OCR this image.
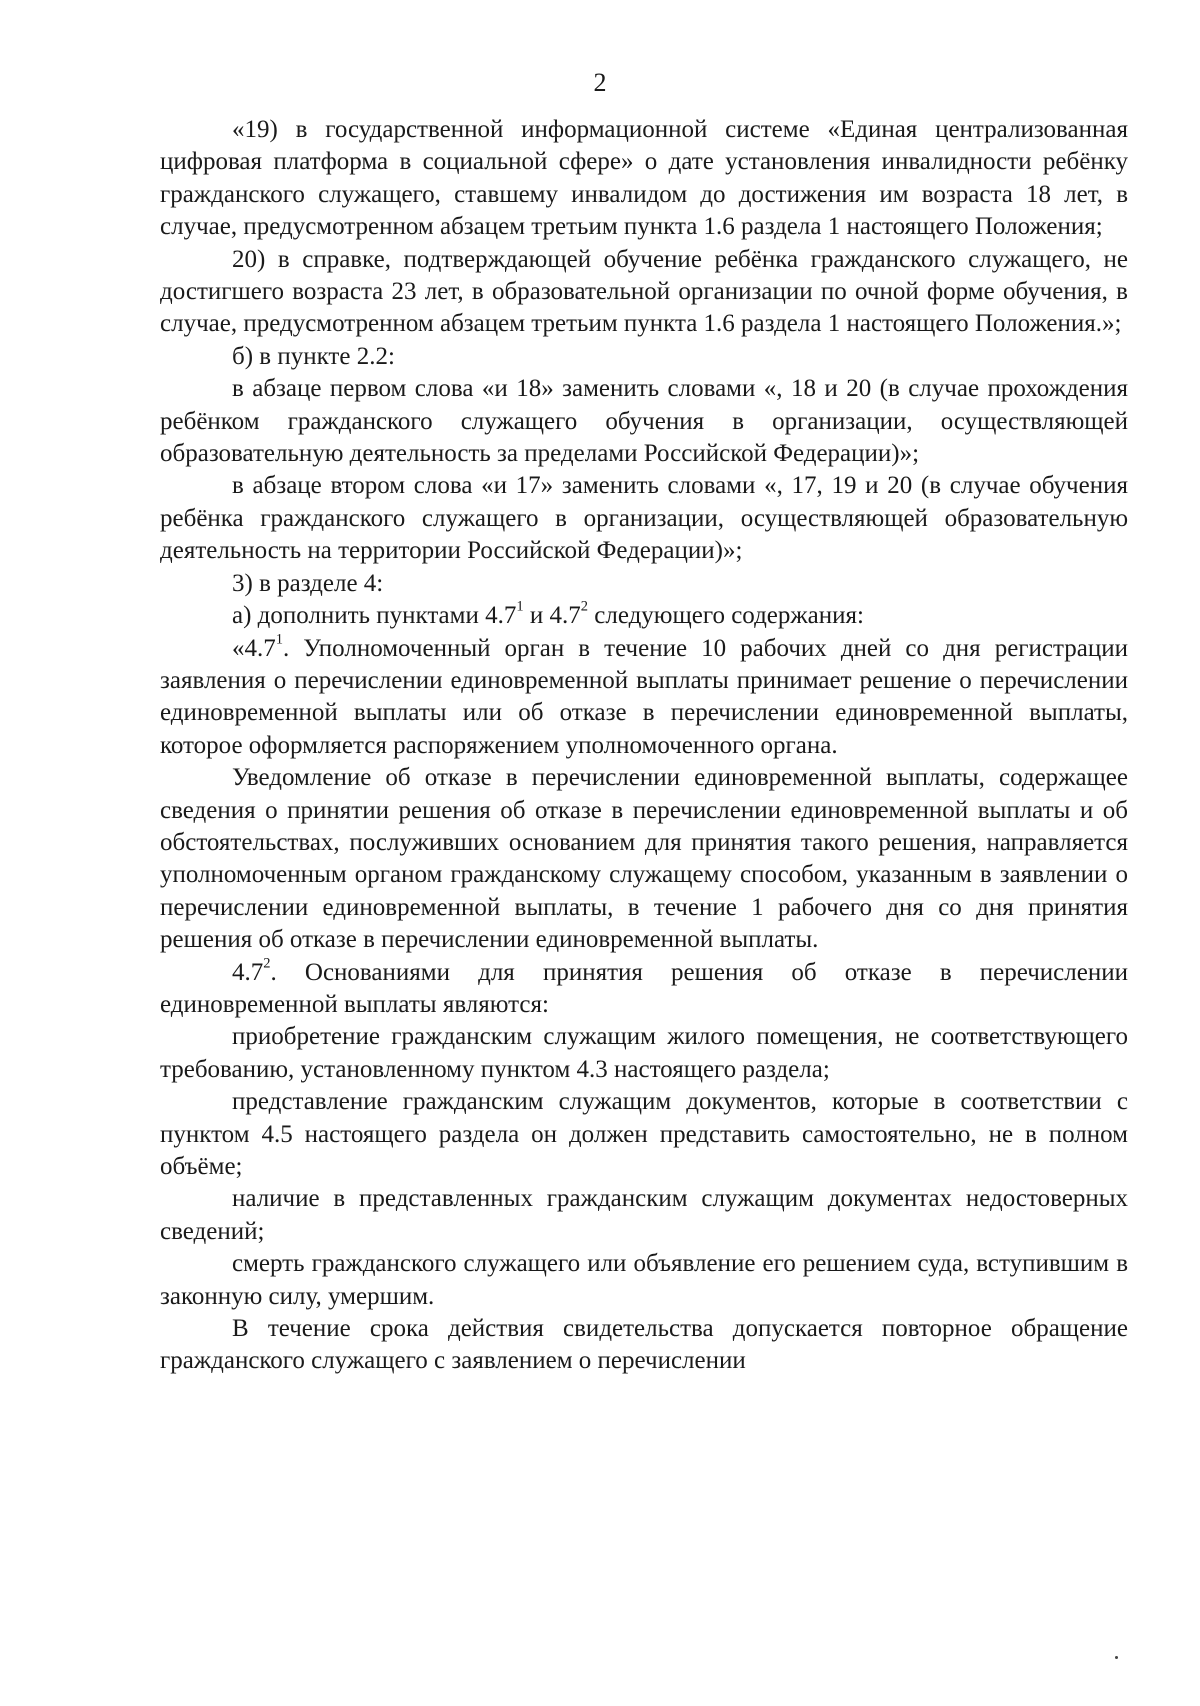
2

«19) в государственной информационной системе «Единая централизованная цифровая платформа в социальной сфере» о дате установления инвалидности ребёнку гражданского служащего, ставшему инвалидом до достижения им возраста 18 лет, в случае, предусмотренном абзацем третьим пункта 1.6 раздела 1 настоящего Положения;

20) в справке, подтверждающей обучение ребёнка гражданского служащего, не достигшего возраста 23 лет, в образовательной организации по очной форме обучения, в случае, предусмотренном абзацем третьим пункта 1.6 раздела 1 настоящего Положения.»;

б) в пункте 2.2:

в абзаце первом слова «и 18» заменить словами «, 18 и 20 (в случае прохождения ребёнком гражданского служащего обучения в организации, осуществляющей образовательную деятельность за пределами Российской Федерации)»;

в абзаце втором слова «и 17» заменить словами «, 17, 19 и 20 (в случае обучения ребёнка гражданского служащего в организации, осуществляющей образовательную деятельность на территории Российской Федерации)»;

3) в разделе 4:

а) дополнить пунктами $4.7^1$ и $4.7^2$ следующего содержания:

«$4.7^1$. Уполномоченный орган в течение 10 рабочих дней со дня регистрации заявления о перечислении единовременной выплаты принимает решение о перечислении единовременной выплаты или об отказе в перечислении единовременной выплаты, которое оформляется распоряжением уполномоченного органа.

Уведомление об отказе в перечислении единовременной выплаты, содержащее сведения о принятии решения об отказе в перечислении единовременной выплаты и об обстоятельствах, послуживших основанием для принятия такого решения, направляется уполномоченным органом гражданскому служащему способом, указанным в заявлении о перечислении единовременной выплаты, в течение 1 рабочего дня со дня принятия решения об отказе в перечислении единовременной выплаты.

$4.7^2$. Основаниями для принятия решения об отказе в перечислении единовременной выплаты являются:

приобретение гражданским служащим жилого помещения, не соответствующего требованию, установленному пунктом 4.3 настоящего раздела;

представление гражданским служащим документов, которые в соответствии с пунктом 4.5 настоящего раздела он должен представить самостоятельно, не в полном объёме;

наличие в представленных гражданским служащим документах недостоверных сведений;

смерть гражданского служащего или объявление его решением суда, вступившим в законную силу, умершим.

В течение срока действия свидетельства допускается повторное обращение гражданского служащего с заявлением о перечислении
